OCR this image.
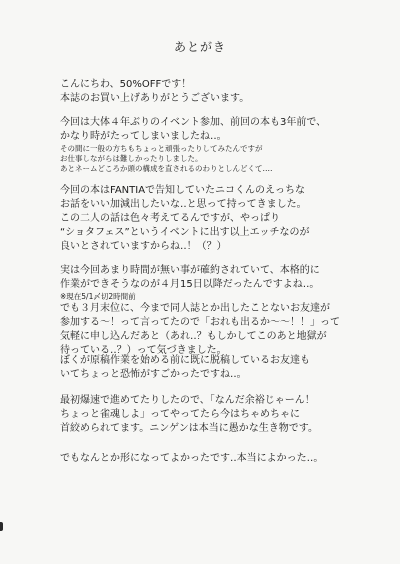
あとがき
こんにちわ、50%OFFです！
本誌のお買い上げありがとうございます。
今回は大体４年ぶりのイベント参加、前回の本も3年前で、
かなり時がたってしまいましたね‥。
その間に一般の方ちもちょっと頑張ったりしてみたんですが
お仕事しながらは難しかったりしました。
あとネームどころか頭の構成を直されるのわりとしんどくて‥‥
今回の本はFANTIAで告知していたニコくんのえっちな
お話をいい加減出したいな‥と思って持ってきました。
この二人の話は色々考えてるんですが、やっぱり
“ショタフェス”というイベントに出す以上エッチなのが
良いとされていますからね‥！（？）
実は今回あまり時間が無い事が確約されていて、本格的に
作業ができそうなのが４月15日以降だったんですよね‥。
※現在5/1〆切2時間前
でも３月末位に、今まで同人誌とか出したことないお友達が
参加する～！って言ってたので「おれも出るか～～！！」って
気軽に申し込んだあと（あれ‥？もしかしてこのあと地獄が
待っている‥？）って気づきました。
ぼくが原稿作業を始める前に既に脱稿しているお友達も
いてちょっと恐怖がすごかったですね‥。
最初爆速で進めてたりしたので、「なんだ余裕じゃーん！
ちょっと雀魂しよ」ってやってたら今はちゃめちゃに
首絞められてます。ニンゲンは本当に愚かな生き物です。
でもなんとか形になってよかったです‥本当によかった‥。
